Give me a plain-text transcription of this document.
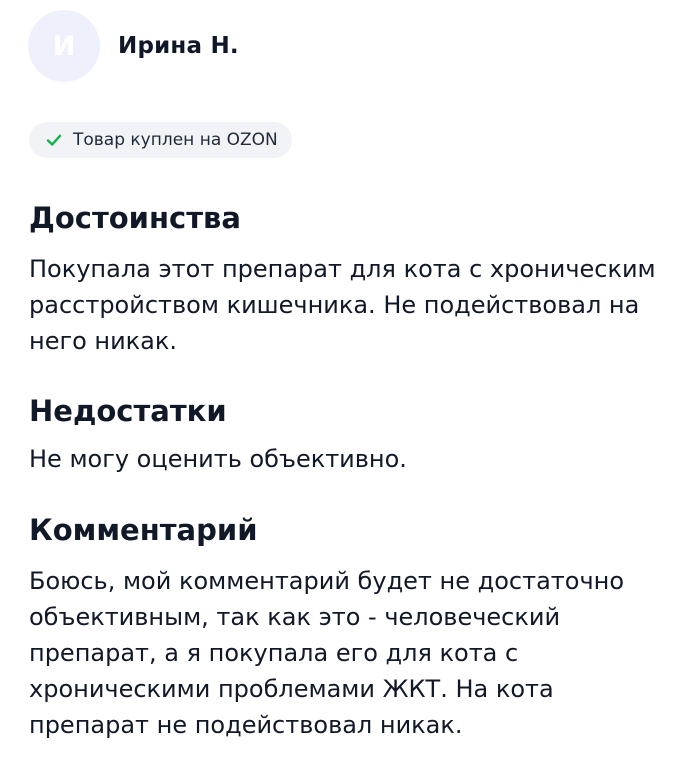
И Ирина Н.
Товар куплен на OZON
Достоинства

Покупала этот препарат для кота с хроническим расстройством кишечника. Не подействовал на него никак.

Недостатки

Не могу оценить объективно.

Комментарий

Боюсь, мой комментарий будет не достаточно объективным, так как это - человеческий препарат, а я покупала его для кота с хроническими проблемами ЖКТ. На кота препарат не подействовал никак.
